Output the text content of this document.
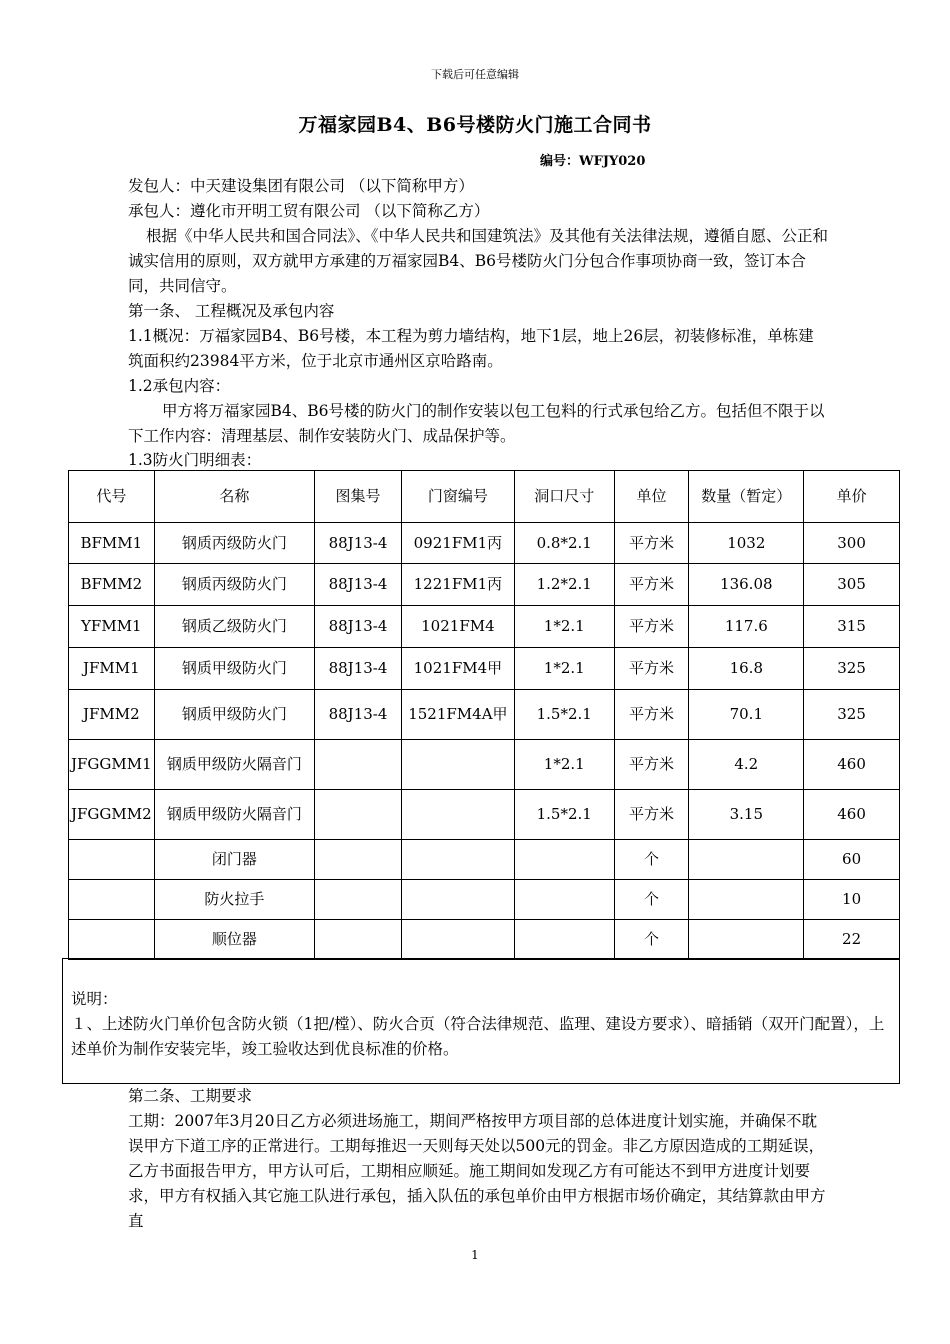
下载后可任意编辑
万福家园B4、B6号楼防火门施工合同书
编号：WFJY020
发包人：中天建设集团有限公司 （以下简称甲方）
承包人：遵化市开明工贸有限公司 （以下简称乙方）
根据《中华人民共和国合同法》、《中华人民共和国建筑法》及其他有关法律法规，遵循自愿、公正和诚实信用的原则，双方就甲方承建的万福家园B4、B6号楼防火门分包合作事项协商一致，签订本合同，共同信守。
第一条、 工程概况及承包内容
1.1概况：万福家园B4、B6号楼，本工程为剪力墙结构，地下1层，地上26层，初装修标准，单栋建筑面积约23984平方米，位于北京市通州区京哈路南。
1.2承包内容：
甲方将万福家园B4、B6号楼的防火门的制作安装以包工包料的行式承包给乙方。包括但不限于以下工作内容：清理基层、制作安装防火门、成品保护等。
1.3防火门明细表：
代号	名称	图集号	门窗编号	洞口尺寸	单位	数量（暂定）	单价
BFMM1	钢质丙级防火门	88J13-4	0921FM1丙	0.8*2.1	平方米	1032	300
BFMM2	钢质丙级防火门	88J13-4	1221FM1丙	1.2*2.1	平方米	136.08	305
YFMM1	钢质乙级防火门	88J13-4	1021FM4	1*2.1	平方米	117.6	315
JFMM1	钢质甲级防火门	88J13-4	1021FM4甲	1*2.1	平方米	16.8	325
JFMM2	钢质甲级防火门	88J13-4	1521FM4A甲	1.5*2.1	平方米	70.1	325
JFGGMM1	钢质甲级防火隔音门			1*2.1	平方米	4.2	460
JFGGMM2	钢质甲级防火隔音门			1.5*2.1	平方米	3.15	460
	闭门器				个		60
	防火拉手				个		10
	顺位器				个		22
说明：
１、上述防火门单价包含防火锁（1把/樘）、防火合页（符合法律规范、监理、建设方要求）、暗插销（双开门配置），上述单价为制作安装完毕，竣工验收达到优良标准的价格。
第二条、工期要求
工期：2007年3月20日乙方必须进场施工，期间严格按甲方项目部的总体进度计划实施，并确保不耽误甲方下道工序的正常进行。工期每推迟一天则每天处以500元的罚金。非乙方原因造成的工期延误，乙方书面报告甲方，甲方认可后，工期相应顺延。施工期间如发现乙方有可能达不到甲方进度计划要求，甲方有权插入其它施工队进行承包，插入队伍的承包单价由甲方根据市场价确定，其结算款由甲方直
1
